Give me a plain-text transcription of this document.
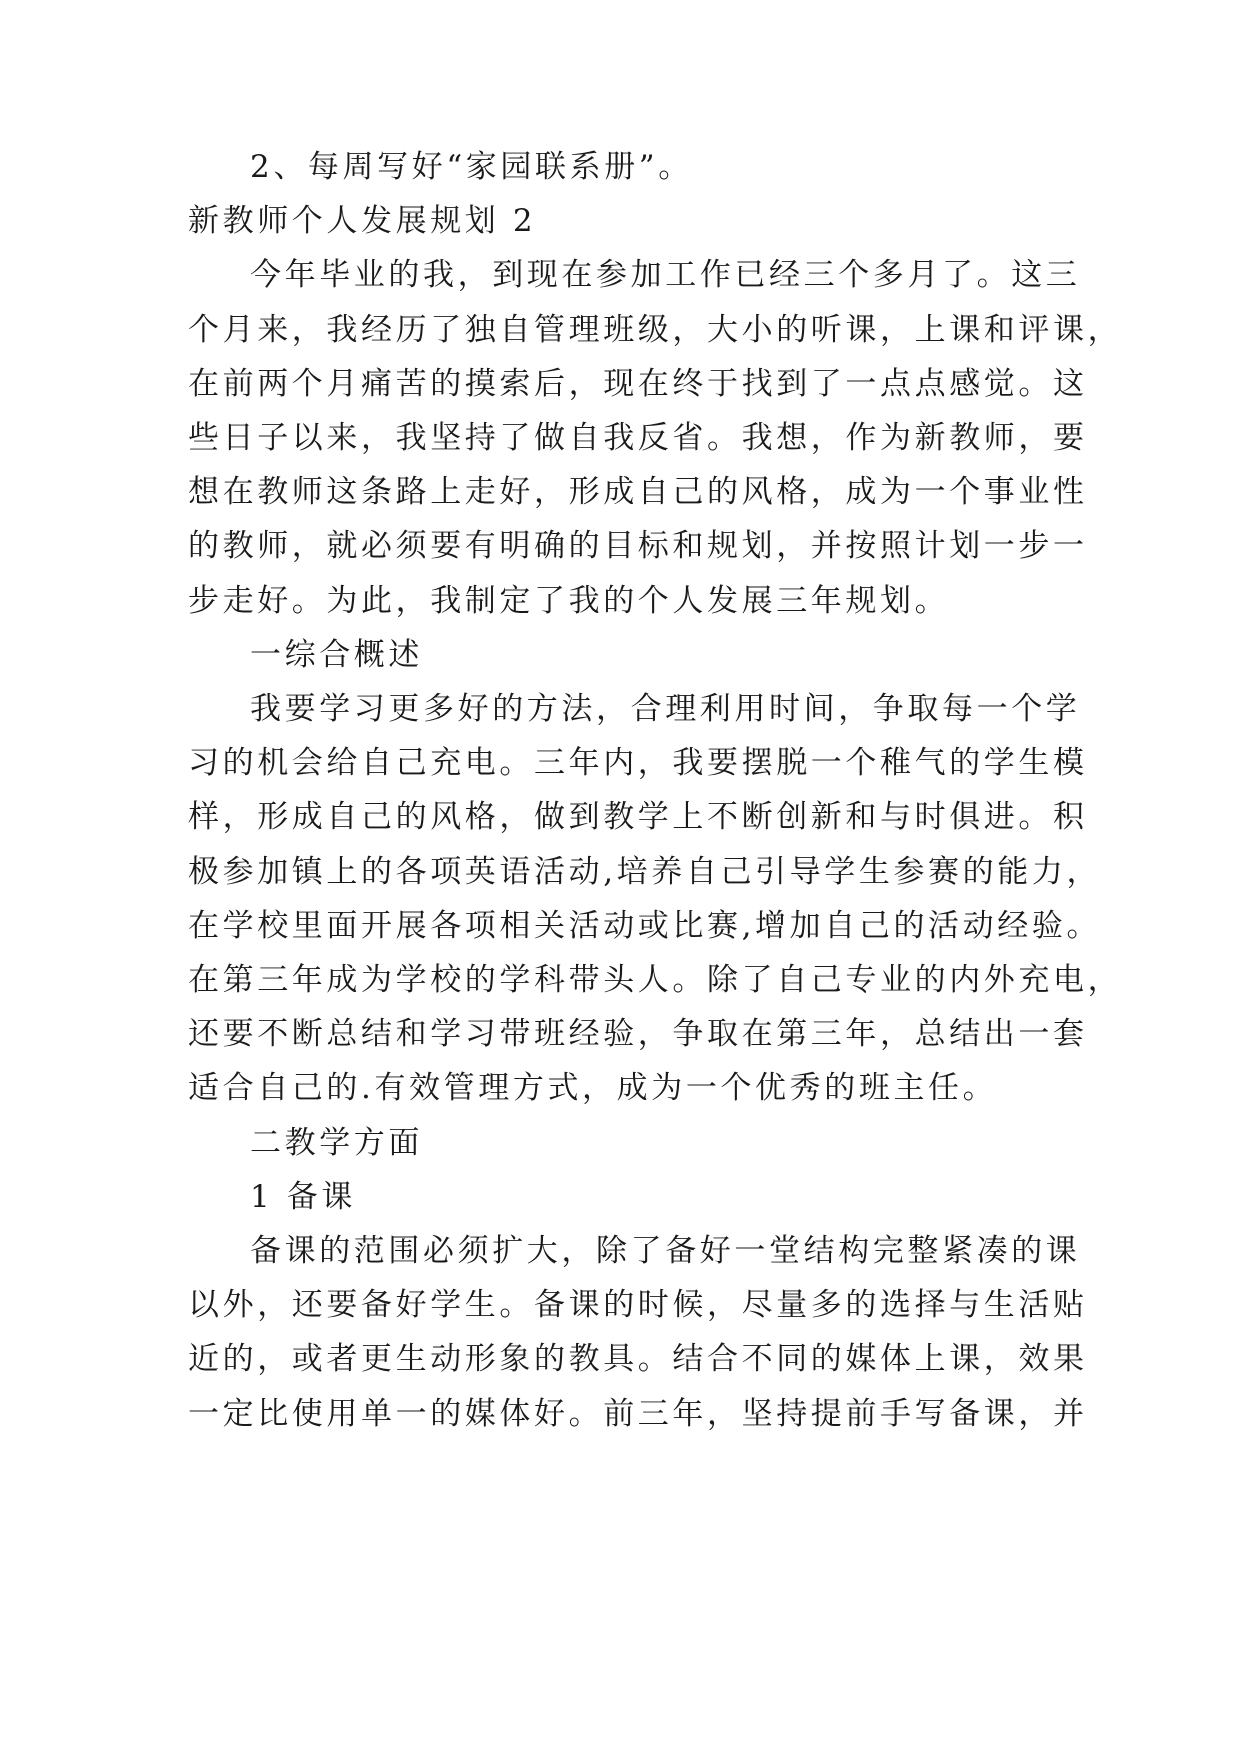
2、每周写好“家园联系册”。
新教师个人发展规划 2
今年毕业的我，到现在参加工作已经三个多月了。这三
个月来，我经历了独自管理班级，大小的听课，上课和评课，
在前两个月痛苦的摸索后，现在终于找到了一点点感觉。这
些日子以来，我坚持了做自我反省。我想，作为新教师，要
想在教师这条路上走好，形成自己的风格，成为一个事业性
的教师，就必须要有明确的目标和规划，并按照计划一步一
步走好。为此，我制定了我的个人发展三年规划。
一综合概述
我要学习更多好的方法，合理利用时间，争取每一个学
习的机会给自己充电。三年内，我要摆脱一个稚气的学生模
样，形成自己的风格，做到教学上不断创新和与时俱进。积
极参加镇上的各项英语活动,培养自己引导学生参赛的能力，
在学校里面开展各项相关活动或比赛,增加自己的活动经验。
在第三年成为学校的学科带头人。除了自己专业的内外充电，
还要不断总结和学习带班经验，争取在第三年，总结出一套
适合自己的.有效管理方式，成为一个优秀的班主任。
二教学方面
1 备课
备课的范围必须扩大，除了备好一堂结构完整紧凑的课
以外，还要备好学生。备课的时候，尽量多的选择与生活贴
近的，或者更生动形象的教具。结合不同的媒体上课，效果
一定比使用单一的媒体好。前三年，坚持提前手写备课，并
